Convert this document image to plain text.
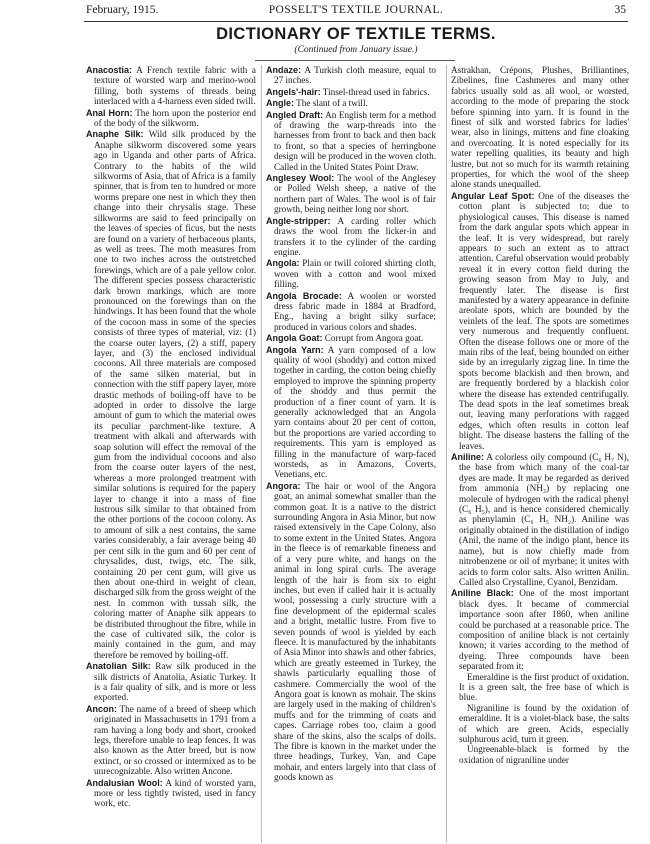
February, 1915.	POSSELT'S TEXTILE JOURNAL.	35
DICTIONARY OF TEXTILE TERMS.
(Continued from January issue.)
Anacostia: A French textile fabric with a texture of worsted warp and merino-wool filling, both systems of threads being interlaced with a 4-harness even sided twill.
Anal Horn: The horn upon the posterior end of the body of the silkworm.
Anaphe Silk: Wild silk produced by the Anaphe silkworm discovered some years ago in Uganda and other parts of Africa. Contrary to the habits of the wild silkworms of Asia, that of Africa is a family spinner, that is from ten to hundred or more worms prepare one nest in which they then change into their chrysalis stage. These silkworms are said to feed principally on the leaves of species of ficus, but the nests are found on a variety of herbaceous plants, as well as trees. The moth measures from one to two inches across the outstretched forewings, which are of a pale yellow color. The different species possess characteristic dark brown markings, which are more pronounced on the forewings than on the hindwings. It has been found that the whole of the cocoon mass in some of the species consists of three types of material, viz: (1) the coarse outer layers, (2) a stiff, papery layer, and (3) the enclosed individual cocoons. All three materials are composed of the same silken material, but in connection with the stiff papery layer, more drastic methods of boiling-off have to be adopted in order to dissolve the large amount of gum to which the material owes its peculiar parchment-like texture. A treatment with alkali and afterwards with soap solution will effect the removal of the gum from the individual cocoons and also from the coarse outer layers of the nest, whereas a more prolonged treatment with similar solutions is required for the papery layer to change it into a mass of fine lustrous silk similar to that obtained from the other portions of the cocoon colony. As to amount of silk a nest contains, the same varies considerably, a fair average being 40 per cent silk in the gum and 60 per cent of chrysalides, dust, twigs, etc. The silk, containing 20 per cent gum, will give us then about one-third in weight of clean, discharged silk from the gross weight of the nest. In common with tussah silk, the coloring matter of Anaphe silk appears to be distributed throughout the fibre, while in the case of cultivated silk, the color is mainly contained in the gum, and may therefore be removed by boiling-off.
Anatolian Silk: Raw silk produced in the silk districts of Anatolia, Asiatic Turkey. It is a fair quality of silk, and is more or less exported.
Ancon: The name of a breed of sheep which originated in Massachusetts in 1791 from a ram having a long body and short, crooked legs, therefore unable to leap fences. It was also known as the Atter breed, but is now extinct, or so crossed or intermixed as to be unrecognizable. Also written Ancone.
Andalusian Wool: A kind of worsted yarn, more or less tightly twisted, used in fancy work, etc.
Andaze: A Turkish cloth measure, equal to 27 inches.
Angels'-hair: Tinsel-thread used in fabrics.
Angle: The slant of a twill.
Angled Draft: An English term for a method of drawing the warp-threads into the harnesses from front to back and then back to front, so that a species of herringbone design will be produced in the woven cloth. Called in the United States Point Draw.
Anglesey Wool: The wool of the Anglesey or Polled Welsh sheep, a native of the northern part of Wales. The wool is of fair growth, being neither long nor short.
Angle-stripper: A carding roller which draws the wool from the licker-in and transfers it to the cylinder of the carding engine.
Angola: Plain or twill colored shirting cloth, woven with a cotton and wool mixed filling.
Angola Brocade: A woolen or worsted dress fabric made in 1884 at Bradford, Eng., having a bright silky surface; produced in various colors and shades.
Angola Goat: Corrupt from Angora goat.
Angola Yarn: A yarn composed of a low quality of wool (shoddy) and cotton mixed together in carding, the cotton being chiefly employed to improve the spinning property of the shoddy and thus permit the production of a finer count of yarn. It is generally acknowledged that an Angola yarn contains about 20 per cent of cotton, but the proportions are varied according to requirements. This yarn is employed as filling in the manufacture of warp-faced worsteds, as in Amazons, Coverts, Venetians, etc.
Angora: The hair or wool of the Angora goat, an animal somewhat smaller than the common goat. It is a native to the district surrounding Angora in Asia Minor, but now raised extensively in the Cape Colony, also to some extent in the United States. Angora in the fleece is of remarkable fineness and of a very pure white, and hangs on the animal in long spiral curls. The average length of the hair is from six to eight inches, but even if called hair it is actually wool, possessing a curly structure with a fine development of the epidermal scales and a bright, metallic lustre. From five to seven pounds of wool is yielded by each fleece. It is manufactured by the inhabitants of Asia Minor into shawls and other fabrics, which are greatly esteemed in Turkey, the shawls particularly equalling those of cashmere. Commercially the wool of the Angora goat is known as mohair. The skins are largely used in the making of children's muffs and for the trimming of coats and capes. Carriage robes too, claim a good share of the skins, also the scalps of dolls. The fibre is known in the market under the three headings, Turkey, Van, and Cape mohair, and enters largely into that class of goods known as
Astrakhan, Crépons, Plushes, Brilliantines, Zibelines, fine Cashmeres and many other fabrics usually sold as all wool, or worsted, according to the mode of preparing the stock before spinning into yarn. It is found in the finest of silk and worsted fabrics for ladies' wear, also in linings, mittens and fine cloaking and overcoating. It is noted especially for its water repelling qualities, its beauty and high lustre, but not so much for its warmth retaining properties, for which the wool of the sheep alone stands unequalled.
Angular Leaf Spot: One of the diseases the cotton plant is subjected to; due to physiological causes. This disease is named from the dark angular spots which appear in the leaf. It is very widespread, but rarely appears to such an extent as to attract attention. Careful observation would probably reveal it in every cotton field during the growing season from May to July, and frequently later. The disease is first manifested by a watery appearance in definite areolate spots, which are bounded by the veinlets of the leaf. The spots are sometimes very numerous and frequently confluent. Often the disease follows one or more of the main ribs of the leaf, being bounded on either side by an irregularly zigzag line. In time the spots become blackish and then brown, and are frequently bordered by a blackish color where the disease has extended centrifugally. The dead spots in the leaf sometimes break out, leaving many perforations with ragged edges, which often results in cotton leaf blight. The disease hastens the falling of the leaves.
Aniline: A colorless oily compound (C₆ H₇ N), the base from which many of the coal-tar dyes are made. It may be regarded as derived from ammonia (NH₃) by replacing one molecule of hydrogen with the radical phenyl (C₆ H₅), and is hence considered chemically as phenylamin (C₆ H₅ NH₂). Aniline was originally obtained in the distillation of indigo (Anil, the name of the indigo plant, hence its name), but is now chiefly made from nitrobenzene or oil of myrbane; it unites with acids to form color salts. Also written Anilin. Called also Crystalline, Cyanol, Benzidam.
Aniline Black: One of the most important black dyes. It became of commercial importance soon after 1860, when aniline could be purchased at a reasonable price. The composition of aniline black is not certainly known; it varies according to the method of dyeing. Three compounds have been separated from it:

Emeraldine is the first product of oxidation. It is a green salt, the free base of which is blue.

Nigraniline is found by the oxidation of emeraldine. It is a violet-black base, the salts of which are green. Acids, especially sulphurous acid, turn it green.

Ungreenable-black is formed by the oxidation of nigraniline under
